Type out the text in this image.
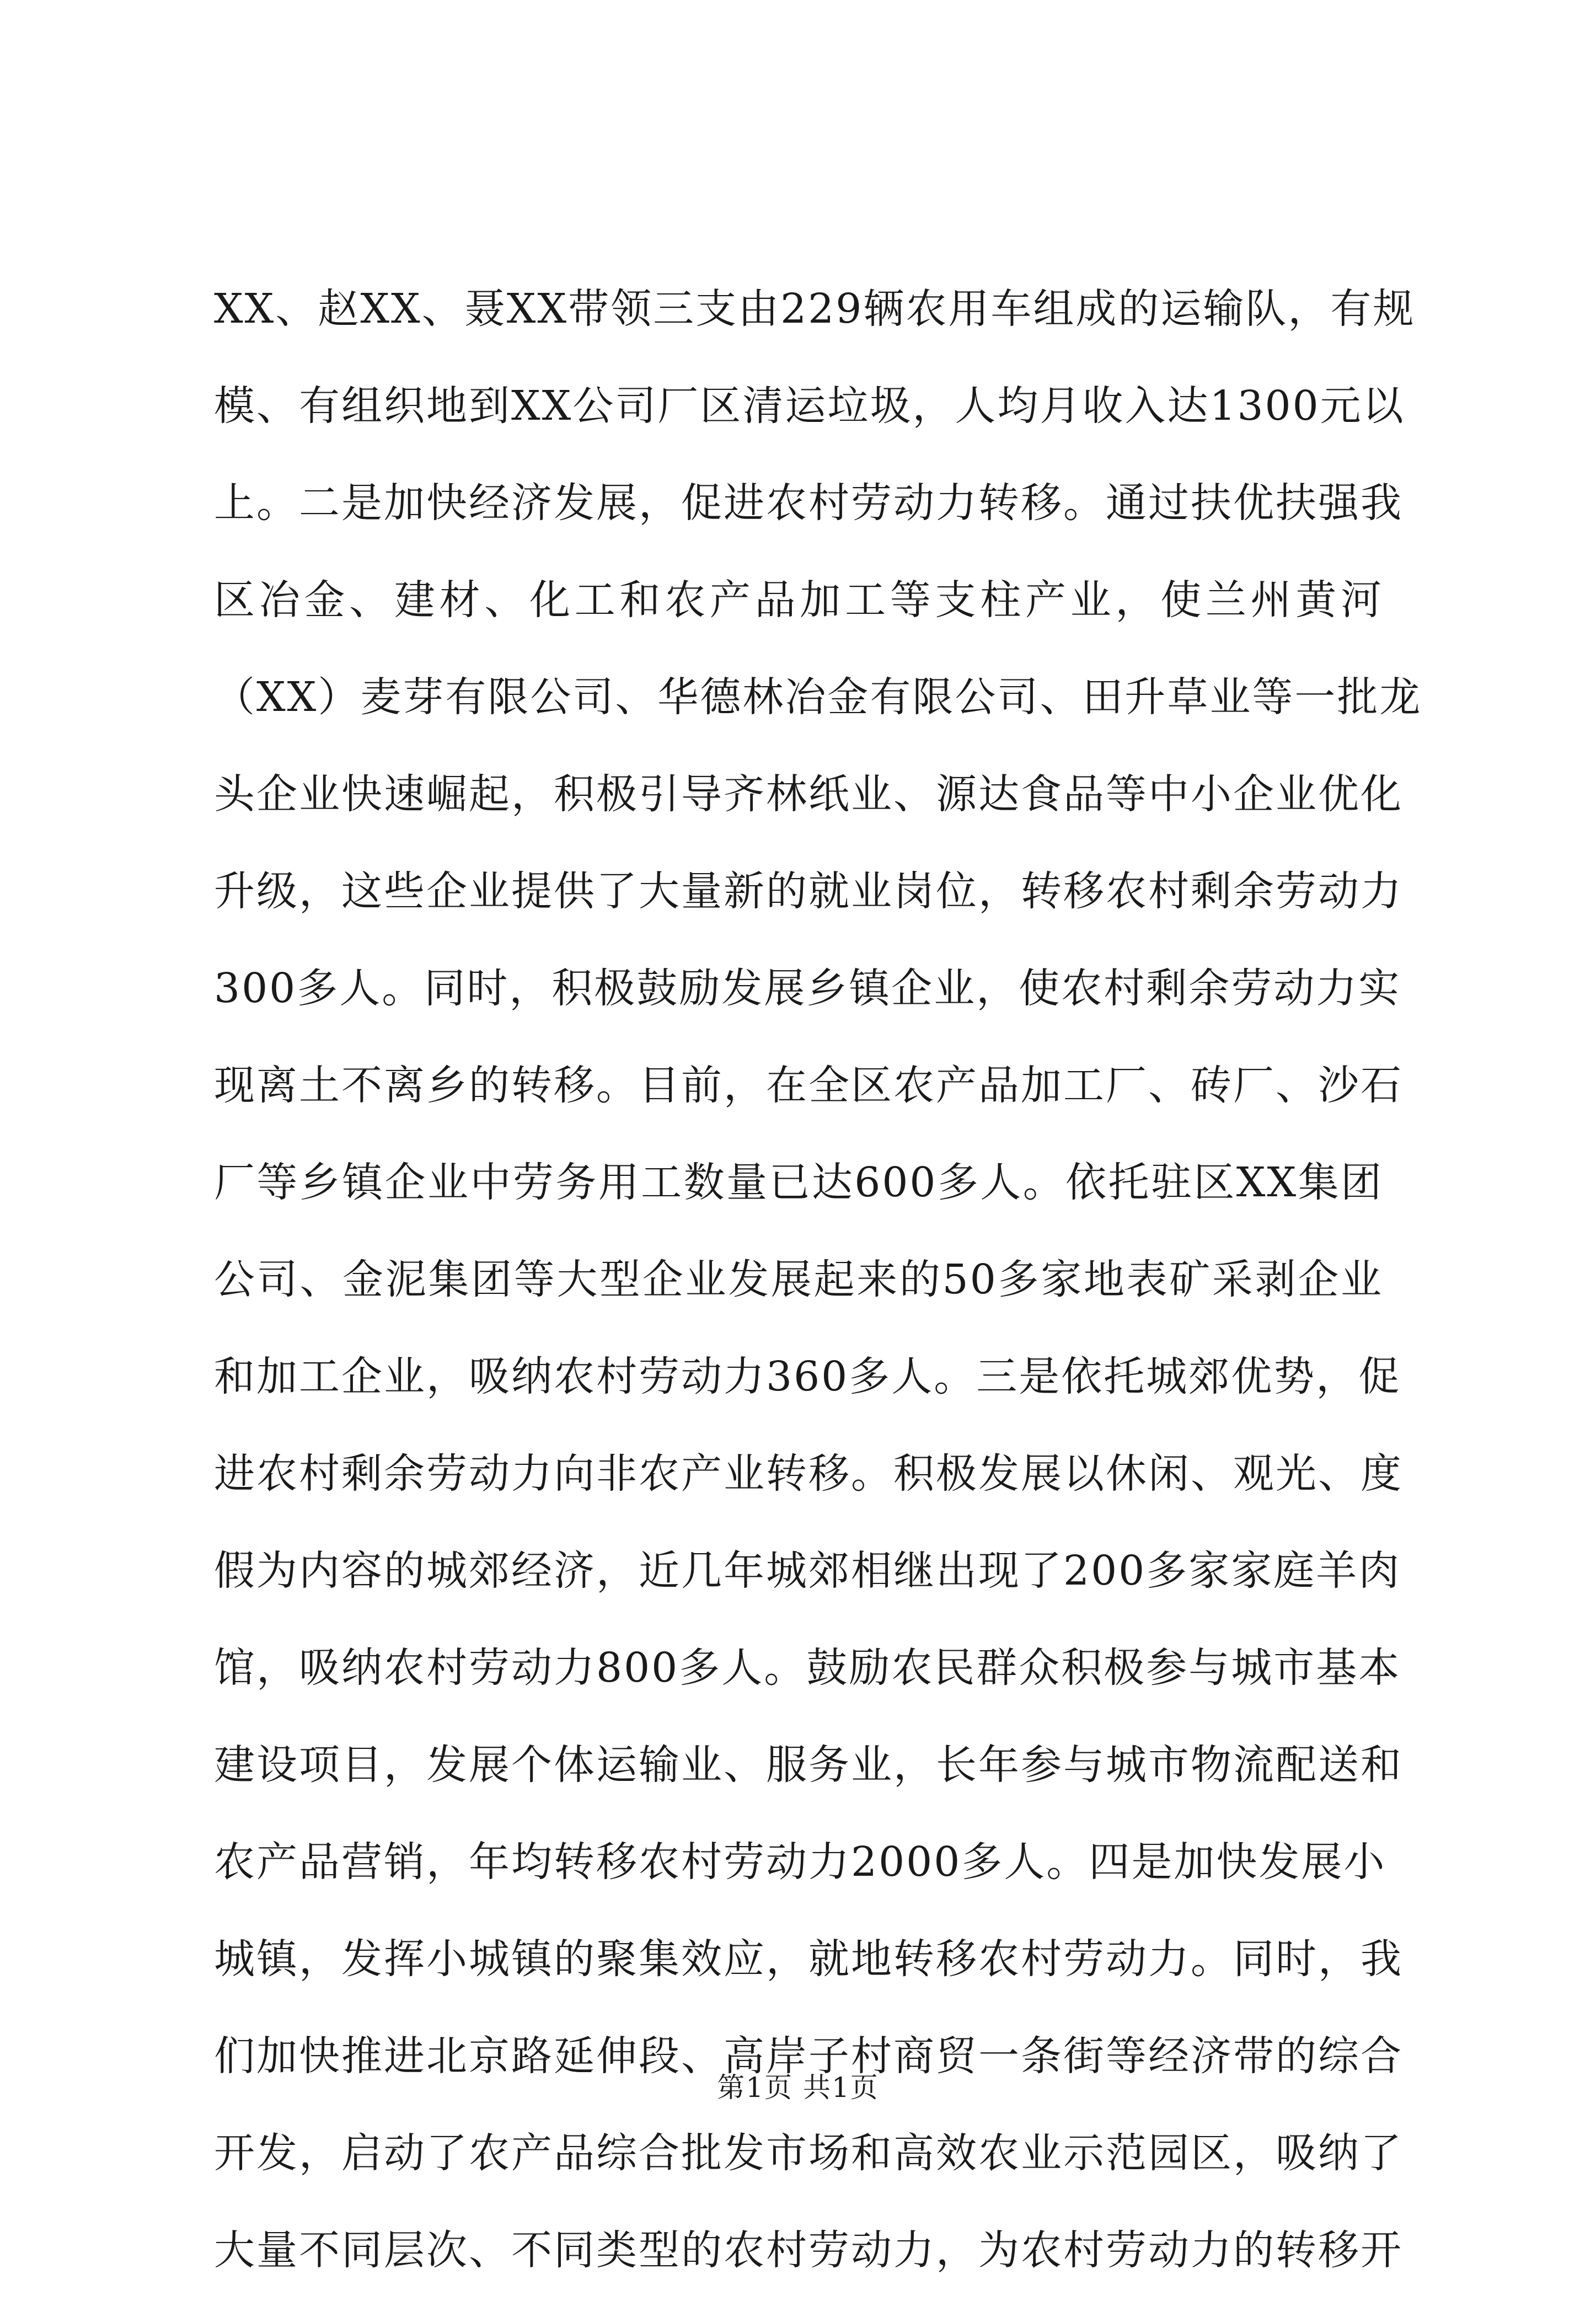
XX、赵XX、聂XX带领三支由229辆农用车组成的运输队，有规
模、有组织地到XX公司厂区清运垃圾，人均月收入达1300元以
上。二是加快经济发展，促进农村劳动力转移。通过扶优扶强我
区冶金、建材、化工和农产品加工等支柱产业，使兰州黄河
（XX）麦芽有限公司、华德林冶金有限公司、田升草业等一批龙
头企业快速崛起，积极引导齐林纸业、源达食品等中小企业优化
升级，这些企业提供了大量新的就业岗位，转移农村剩余劳动力
300多人。同时，积极鼓励发展乡镇企业，使农村剩余劳动力实
现离土不离乡的转移。目前，在全区农产品加工厂、砖厂、沙石
厂等乡镇企业中劳务用工数量已达600多人。依托驻区XX集团
公司、金泥集团等大型企业发展起来的50多家地表矿采剥企业
和加工企业，吸纳农村劳动力360多人。三是依托城郊优势，促
进农村剩余劳动力向非农产业转移。积极发展以休闲、观光、度
假为内容的城郊经济，近几年城郊相继出现了200多家家庭羊肉
馆，吸纳农村劳动力800多人。鼓励农民群众积极参与城市基本
建设项目，发展个体运输业、服务业，长年参与城市物流配送和
农产品营销，年均转移农村劳动力2000多人。四是加快发展小
城镇，发挥小城镇的聚集效应，就地转移农村劳动力。同时，我
们加快推进北京路延伸段、高岸子村商贸一条街等经济带的综合
开发，启动了农产品综合批发市场和高效农业示范园区，吸纳了
大量不同层次、不同类型的农村劳动力，为农村劳动力的转移开
第1页 共1页
